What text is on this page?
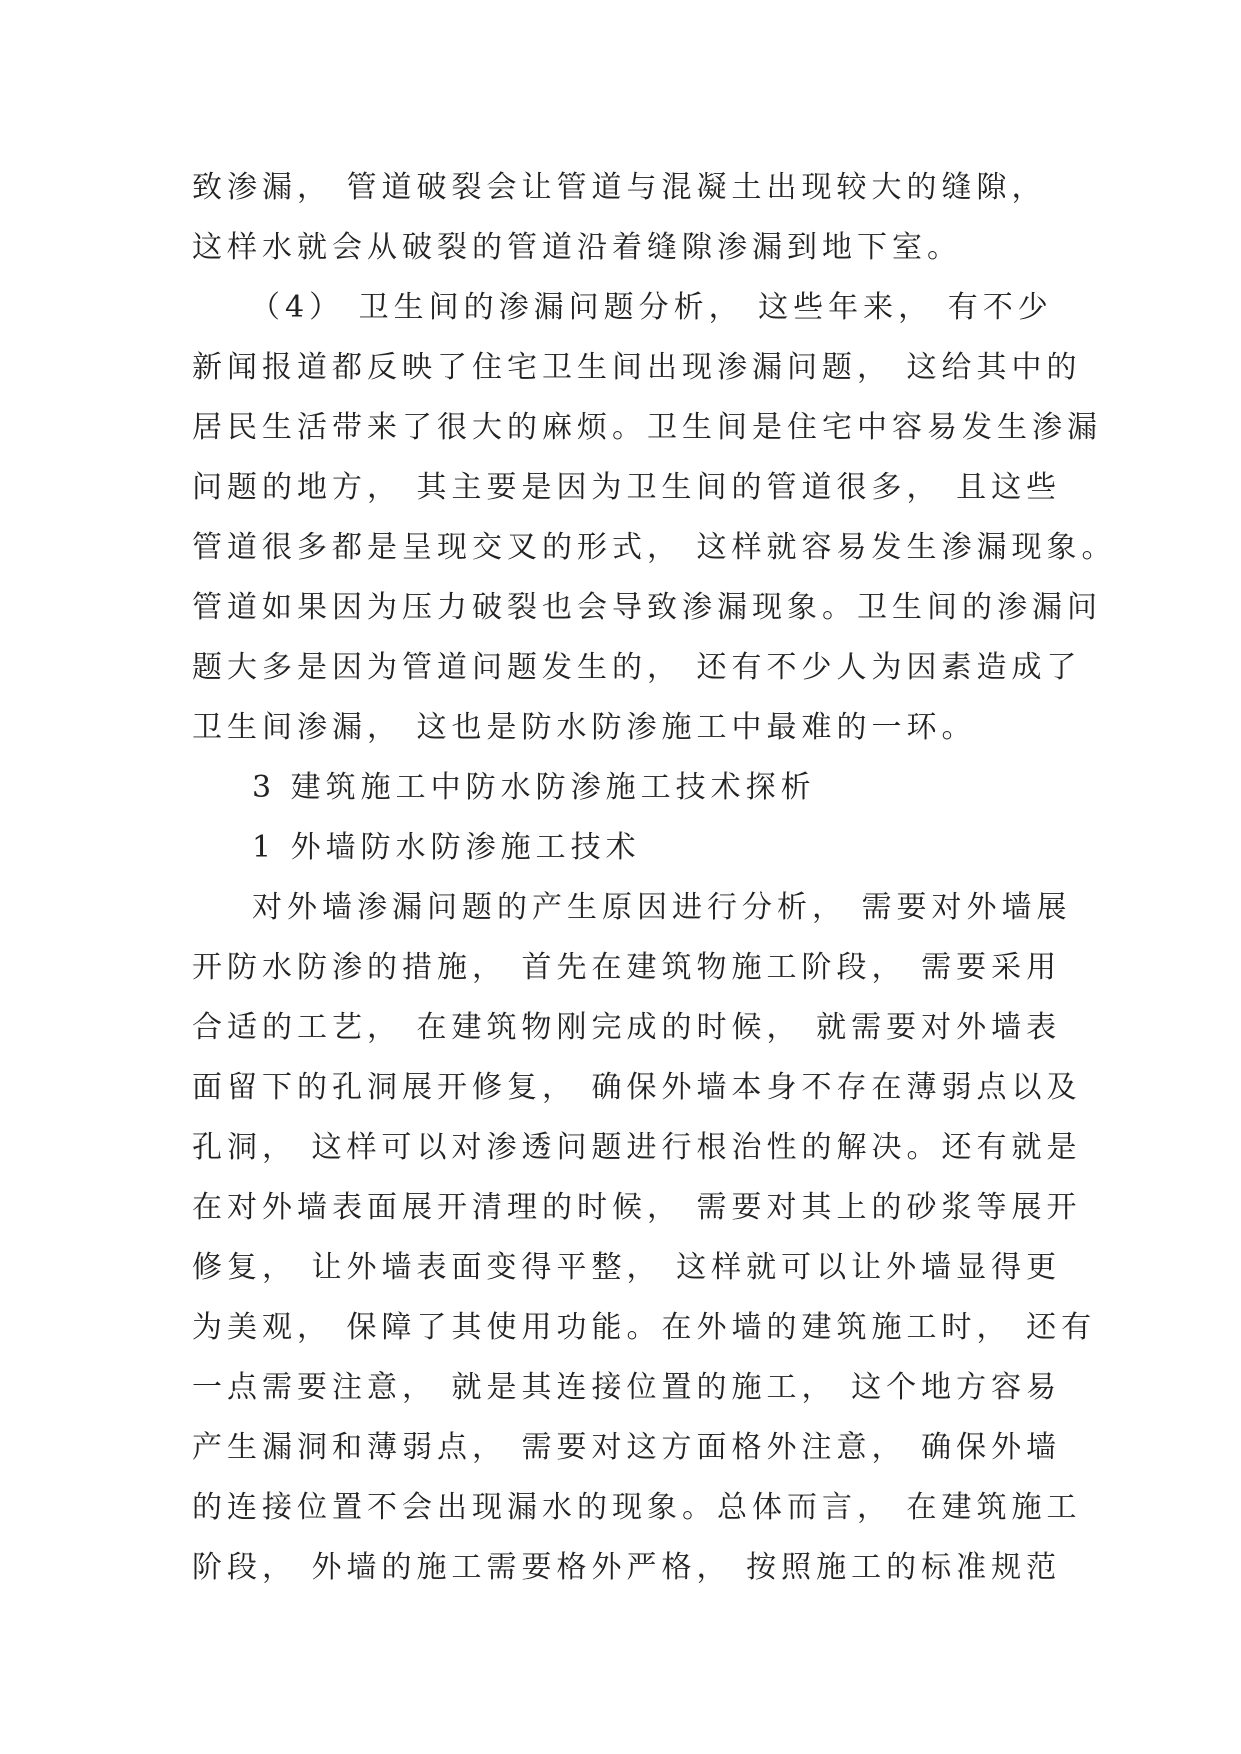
致渗漏， 管道破裂会让管道与混凝土出现较大的缝隙，
这样水就会从破裂的管道沿着缝隙渗漏到地下室。
（4） 卫生间的渗漏问题分析， 这些年来， 有不少
新闻报道都反映了住宅卫生间出现渗漏问题， 这给其中的
居民生活带来了很大的麻烦。卫生间是住宅中容易发生渗漏
问题的地方， 其主要是因为卫生间的管道很多， 且这些
管道很多都是呈现交叉的形式， 这样就容易发生渗漏现象。
管道如果因为压力破裂也会导致渗漏现象。卫生间的渗漏问
题大多是因为管道问题发生的， 还有不少人为因素造成了
卫生间渗漏， 这也是防水防渗施工中最难的一环。
3 建筑施工中防水防渗施工技术探析
1 外墙防水防渗施工技术
对外墙渗漏问题的产生原因进行分析， 需要对外墙展
开防水防渗的措施， 首先在建筑物施工阶段， 需要采用
合适的工艺， 在建筑物刚完成的时候， 就需要对外墙表
面留下的孔洞展开修复， 确保外墙本身不存在薄弱点以及
孔洞， 这样可以对渗透问题进行根治性的解决。还有就是
在对外墙表面展开清理的时候， 需要对其上的砂浆等展开
修复， 让外墙表面变得平整， 这样就可以让外墙显得更
为美观， 保障了其使用功能。在外墙的建筑施工时， 还有
一点需要注意， 就是其连接位置的施工， 这个地方容易
产生漏洞和薄弱点， 需要对这方面格外注意， 确保外墙
的连接位置不会出现漏水的现象。总体而言， 在建筑施工
阶段， 外墙的施工需要格外严格， 按照施工的标准规范
